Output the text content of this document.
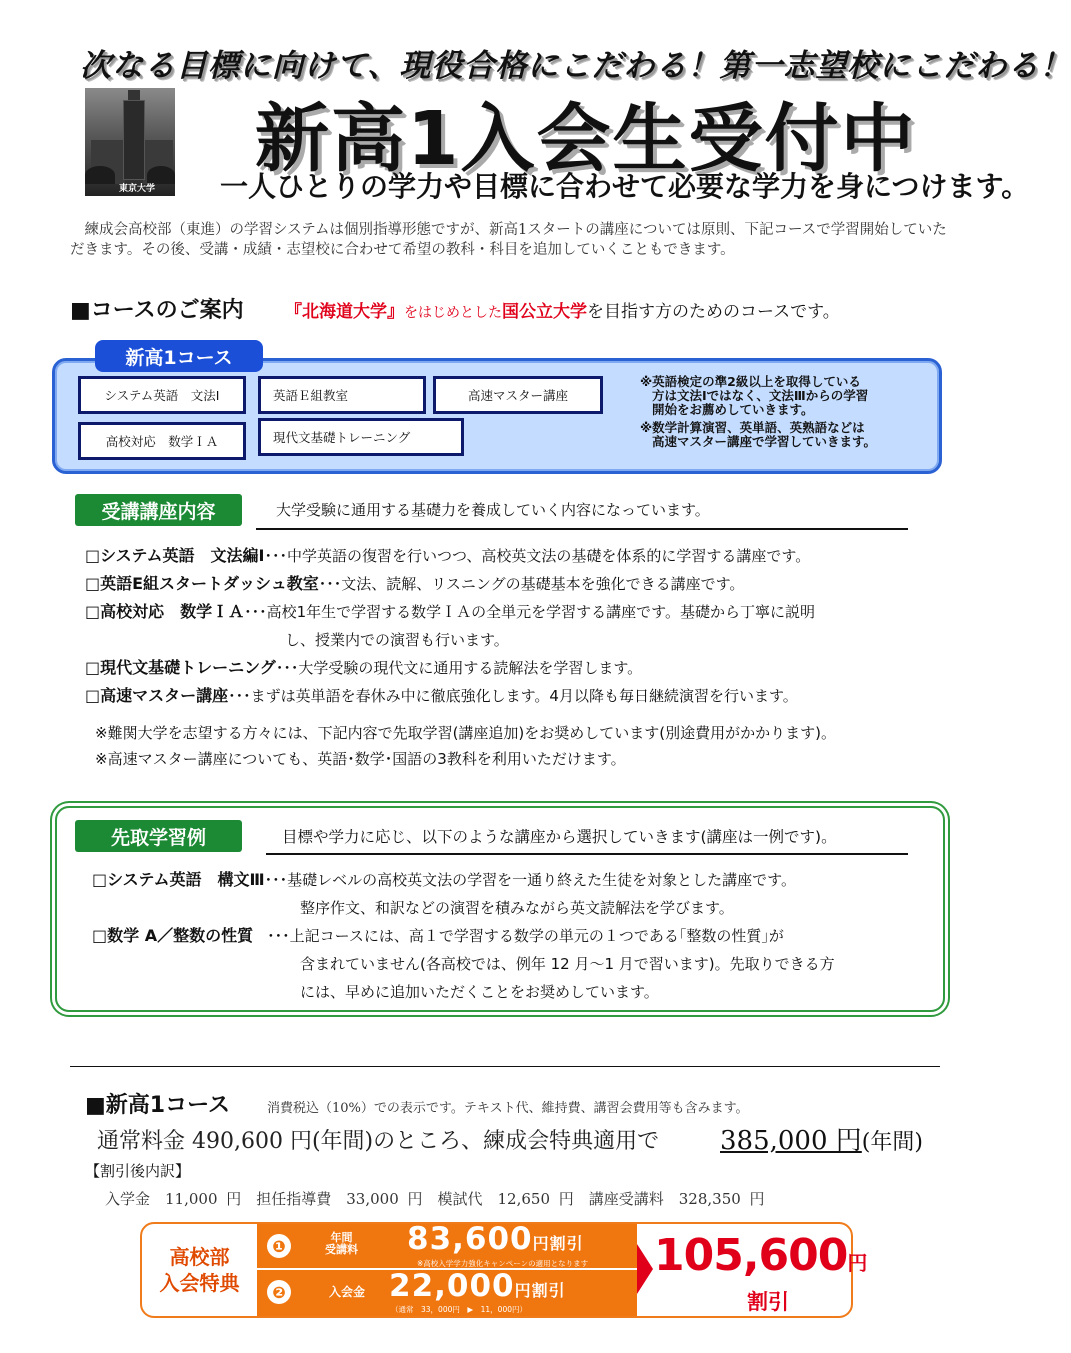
次なる目標に向けて、現役合格にこだわる！第一志望校にこだわる！
東京大学
新高1入会生受付中
一人ひとりの学力や目標に合わせて必要な学力を身につけます。
練成会高校部（東進）の学習システムは個別指導形態ですが、新高1スタートの講座については原則、下記コースで学習開始していただきます。その後、受講・成績・志望校に合わせて希望の教科・科目を追加していくこともできます。
■コースのご案内 『北海道大学』をはじめとした国公立大学を目指す方のためのコースです。
新高1コース
システム英語　文法Ⅰ	英語Ｅ組教室	高速マスター講座
高校対応　数学ＩＡ	現代文基礎トレーニング

※英語検定の準2級以上を取得している
方は文法Ⅰではなく、文法Ⅲからの学習
開始をお薦めしていきます。

※数学計算演習、英単語、英熟語などは
高速マスター講座で学習していきます。

受講講座内容	大学受験に通用する基礎力を養成していく内容になっています。
□システム英語　文法編Ⅰ･･･中学英語の復習を行いつつ、高校英文法の基礎を体系的に学習する講座です。
□英語E組スタートダッシュ教室･･･文法、読解、リスニングの基礎基本を強化できる講座です。
□高校対応　数学ＩＡ･･･高校1年生で学習する数学ＩＡの全単元を学習する講座です。基礎から丁寧に説明
し、授業内での演習も行います。
□現代文基礎トレーニング･･･大学受験の現代文に通用する読解法を学習します。
□高速マスター講座･･･まずは英単語を春休み中に徹底強化します。4月以降も毎日継続演習を行います。
※難関大学を志望する方々には、下記内容で先取学習(講座追加)をお奨めしています(別途費用がかかります)。
※高速マスター講座についても、英語･数学･国語の3教科を利用いただけます。
先取学習例	目標や学力に応じ、以下のような講座から選択していきます(講座は一例です)。
□システム英語　構文Ⅲ･･･基礎レベルの高校英文法の学習を一通り終えた生徒を対象とした講座です。
整序作文、和訳などの演習を積みながら英文読解法を学びます。
□数学 A／整数の性質 ･･･上記コースには、高１で学習する数学の単元の１つである｢整数の性質｣が
含まれていません(各高校では、例年 12 月～1 月で習います)。先取りできる方
には、早めに追加いただくことをお奨めしています。
■新高1コース	消費税込（10%）での表示です。テキスト代、維持費、講習会費用等も含みます。
通常料金 490,600 円(年間)のところ、練成会特典適用で 385,000 円(年間)
【割引後内訳】
入学金　11,000 円　担任指導費　33,000 円　模試代　12,650 円　講座受講料　328,350 円
高校部
入会特典
❶	年間
受講料 83,600円割引
※高校入学学力強化キャンペーンの適用となります
❷	入会金 22,000円割引
（通常　33，000円　▶　11，000円）
105,600円
割引
